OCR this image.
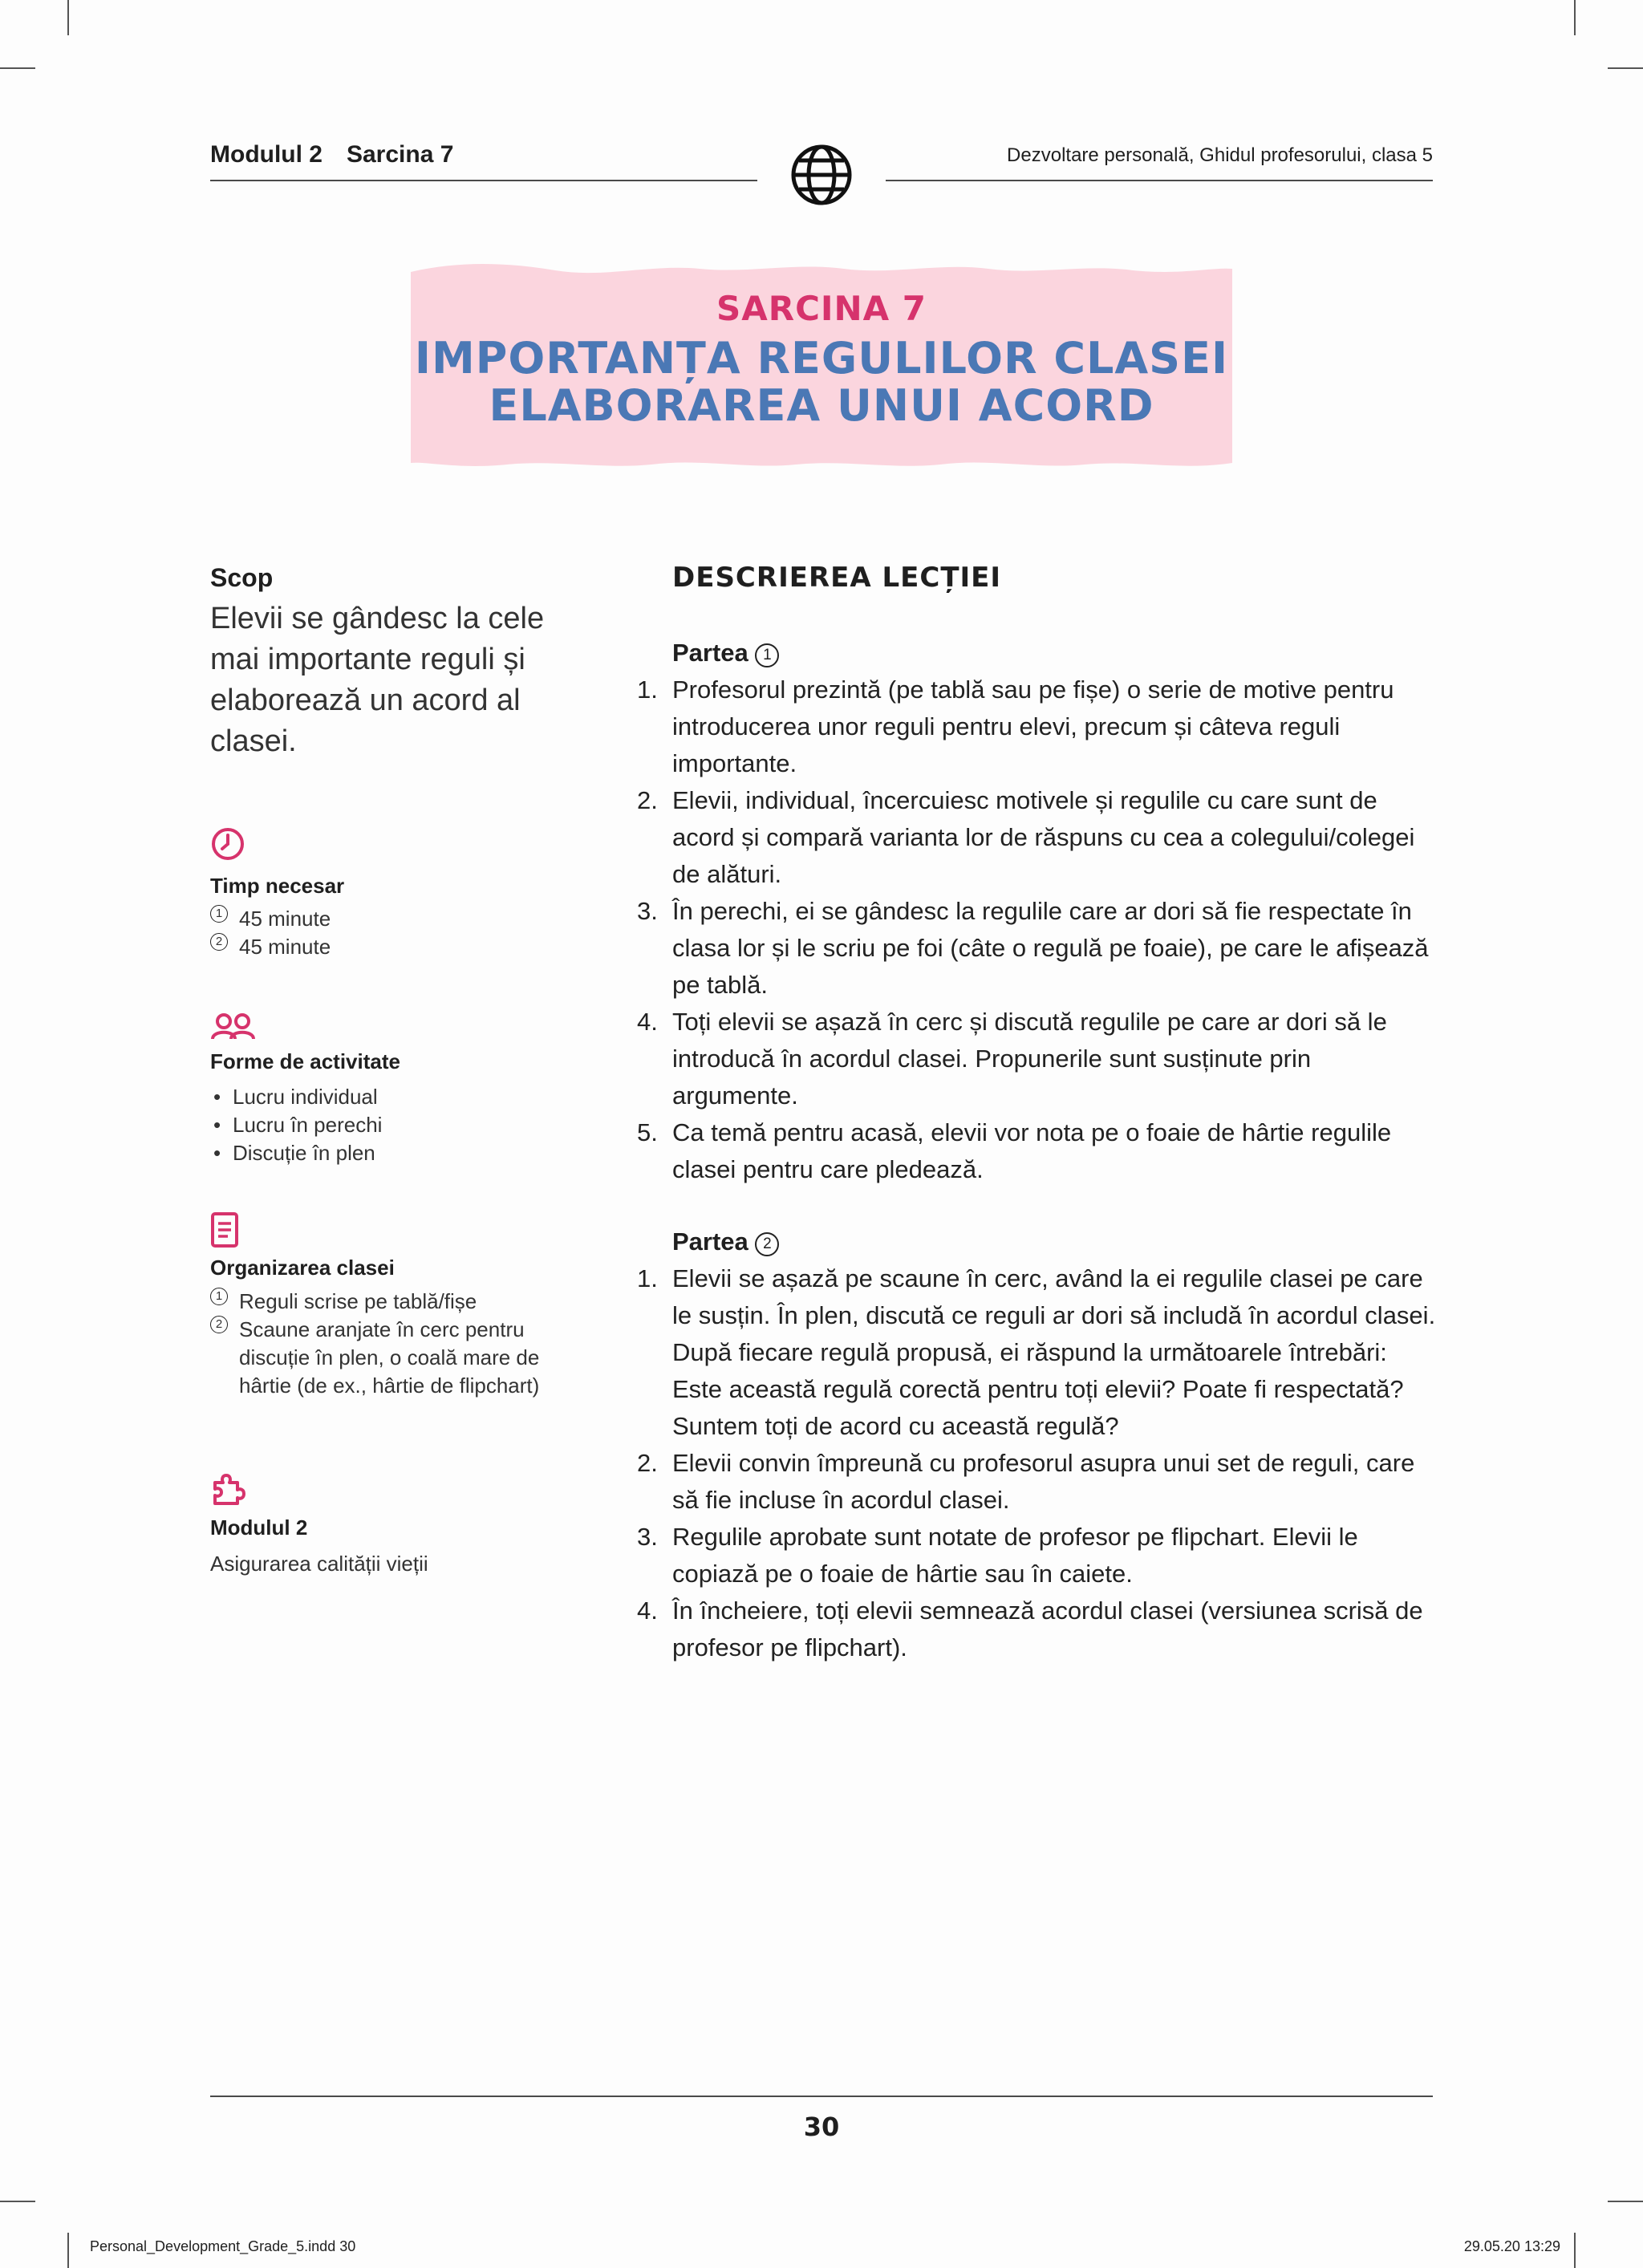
Modulul 2 Sarcina 7	Dezvoltare personală, Ghidul profesorului, clasa 5
SARCINA 7
IMPORTANȚA REGULILOR CLASEI
ELABORAREA UNUI ACORD
Scop
Elevii se gândesc la cele mai importante reguli și elaborează un acord al clasei.
Timp necesar
1 45 minute
2 45 minute
Forme de activitate
• Lucru individual
• Lucru în perechi
• Discuție în plen
Organizarea clasei
1 Reguli scrise pe tablă/fișe
2 Scaune aranjate în cerc pentru discuție în plen, o coală mare de hârtie (de ex., hârtie de flipchart)
Modulul 2
Asigurarea calității vieții
DESCRIEREA LECȚIEI
Partea 1
1. Profesorul prezintă (pe tablă sau pe fișe) o serie de motive pentru introducerea unor reguli pentru elevi, precum și câteva reguli importante.
2. Elevii, individual, încercuiesc motivele și regulile cu care sunt de acord și compară varianta lor de răspuns cu cea a colegului/colegei de alături.
3. În perechi, ei se gândesc la regulile care ar dori să fie respectate în clasa lor și le scriu pe foi (câte o regulă pe foaie), pe care le afișează pe tablă.
4. Toți elevii se așază în cerc și discută regulile pe care ar dori să le introducă în acordul clasei. Propunerile sunt susținute prin argumente.
5. Ca temă pentru acasă, elevii vor nota pe o foaie de hârtie regulile clasei pentru care pledează.
Partea 2
1. Elevii se așază pe scaune în cerc, având la ei regulile clasei pe care le susțin. În plen, discută ce reguli ar dori să includă în acordul clasei. După fiecare regulă propusă, ei răspund la următoarele întrebări: Este această regulă corectă pentru toți elevii? Poate fi respectată? Suntem toți de acord cu această regulă?
2. Elevii convin împreună cu profesorul asupra unui set de reguli, care să fie incluse în acordul clasei.
3. Regulile aprobate sunt notate de profesor pe flipchart. Elevii le copiază pe o foaie de hârtie sau în caiete.
4. În încheiere, toți elevii semnează acordul clasei (versiunea scrisă de profesor pe flipchart).
30
Personal_Development_Grade_5.indd 30	29.05.20 13:29
